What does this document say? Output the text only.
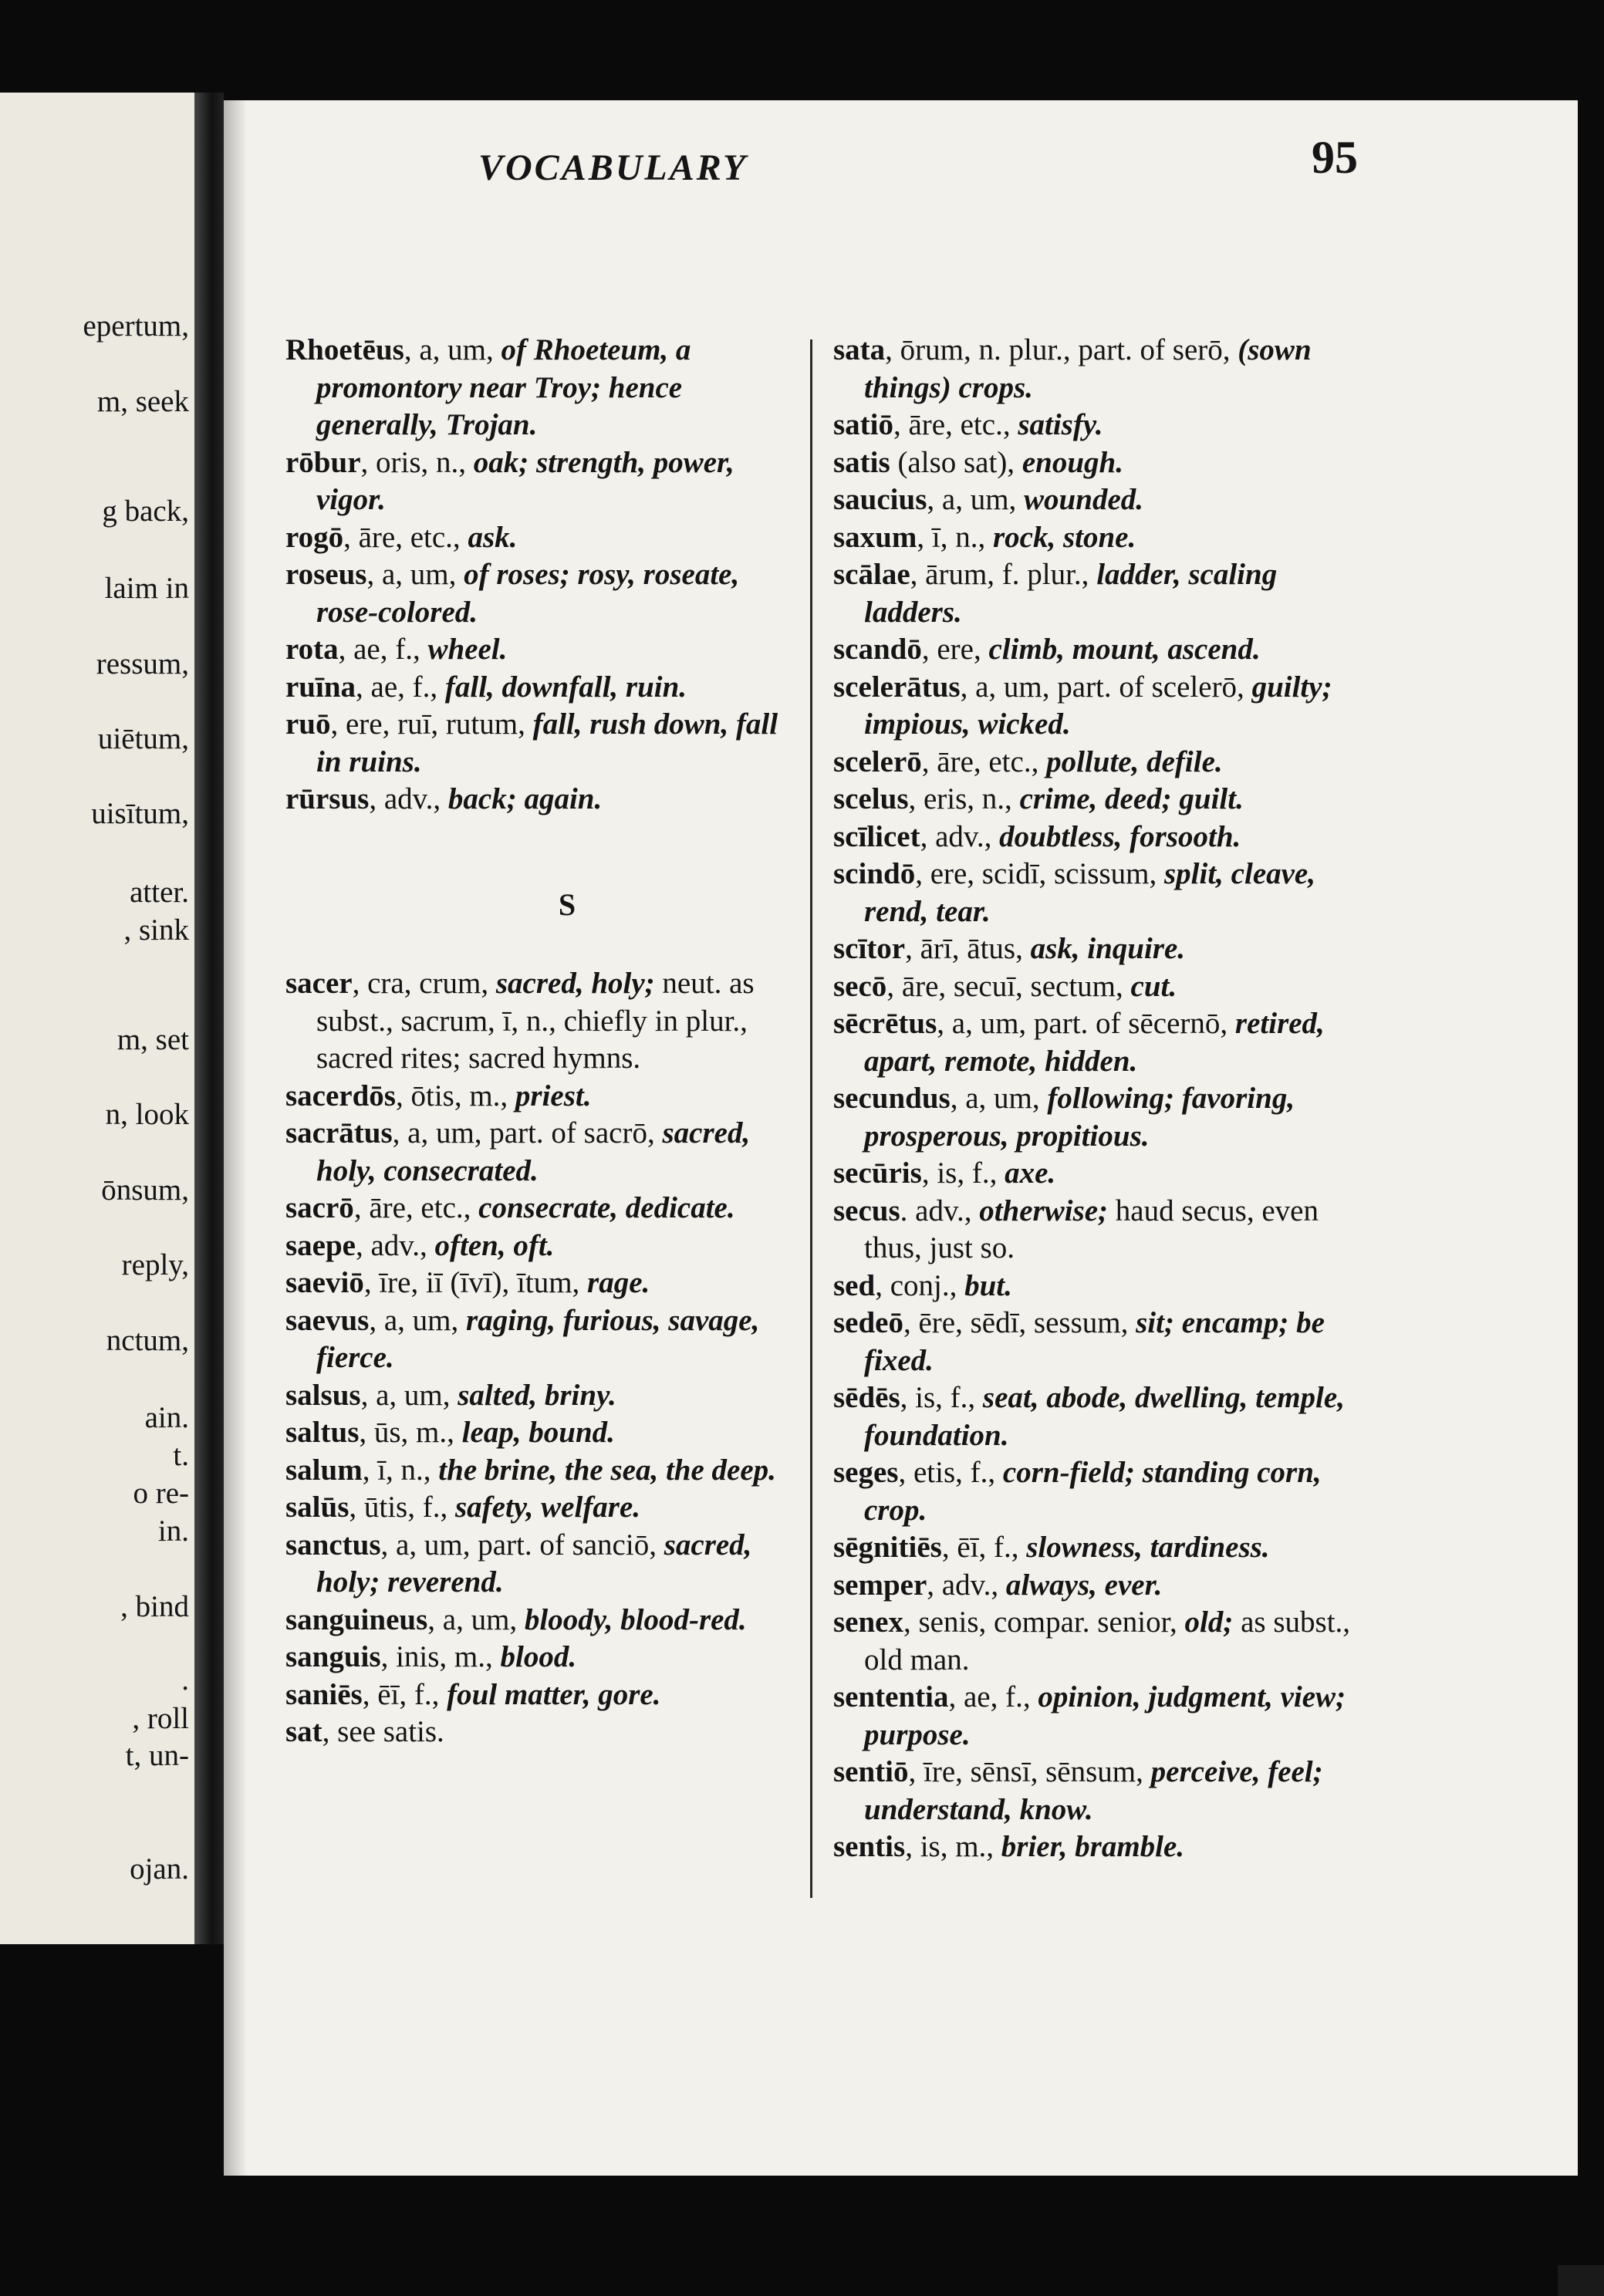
epertum,
m, seek
g back,
laim in
ressum,
uiētum,
uisītum,
atter.
, sink
m, set
n, look
ōnsum,
reply,
nctum,
ain.
t.
o re-
in.
, bind
.
, roll
t, un-
ojan.
VOCABULARY	95

Rhoetēus, a, um, of Rhoeteum, a promontory near Troy; hence generally, Trojan.

rōbur, oris, n., oak; strength, power, vigor.

rogō, āre, etc., ask.

roseus, a, um, of roses; rosy, roseate, rose-colored.

rota, ae, f., wheel.

ruīna, ae, f., fall, downfall, ruin.

ruō, ere, ruī, rutum, fall, rush down, fall in ruins.

rūrsus, adv., back; again.

S

sacer, cra, crum, sacred, holy; neut. as subst., sacrum, ī, n., chiefly in plur., sacred rites; sacred hymns.

sacerdōs, ōtis, m., priest.

sacrātus, a, um, part. of sacrō, sacred, holy, consecrated.

sacrō, āre, etc., consecrate, dedicate.

saepe, adv., often, oft.

saeviō, īre, iī (īvī), ītum, rage.

saevus, a, um, raging, furious, savage, fierce.

salsus, a, um, salted, briny.

saltus, ūs, m., leap, bound.

salum, ī, n., the brine, the sea, the deep.

salūs, ūtis, f., safety, welfare.

sanctus, a, um, part. of sanciō, sacred, holy; reverend.

sanguineus, a, um, bloody, blood-red.

sanguis, inis, m., blood.

saniēs, ēī, f., foul matter, gore.

sat, see satis.

sata, ōrum, n. plur., part. of serō, (sown things) crops.

satiō, āre, etc., satisfy.

satis (also sat), enough.

saucius, a, um, wounded.

saxum, ī, n., rock, stone.

scālae, ārum, f. plur., ladder, scaling ladders.

scandō, ere, climb, mount, ascend.

scelerātus, a, um, part. of scelerō, guilty; impious, wicked.

scelerō, āre, etc., pollute, defile.

scelus, eris, n., crime, deed; guilt.

scīlicet, adv., doubtless, forsooth.

scindō, ere, scidī, scissum, split, cleave, rend, tear.

scītor, ārī, ātus, ask, inquire.

secō, āre, secuī, sectum, cut.

sēcrētus, a, um, part. of sēcernō, retired, apart, remote, hidden.

secundus, a, um, following; favoring, prosperous, propitious.

secūris, is, f., axe.

secus. adv., otherwise; haud secus, even thus, just so.

sed, conj., but.

sedeō, ēre, sēdī, sessum, sit; encamp; be fixed.

sēdēs, is, f., seat, abode, dwelling, temple, foundation.

seges, etis, f., corn-field; standing corn, crop.

sēgnitiēs, ēī, f., slowness, tardiness.

semper, adv., always, ever.

senex, senis, compar. senior, old; as subst., old man.

sententia, ae, f., opinion, judgment, view; purpose.

sentiō, īre, sēnsī, sēnsum, perceive, feel; understand, know.

sentis, is, m., brier, bramble.
